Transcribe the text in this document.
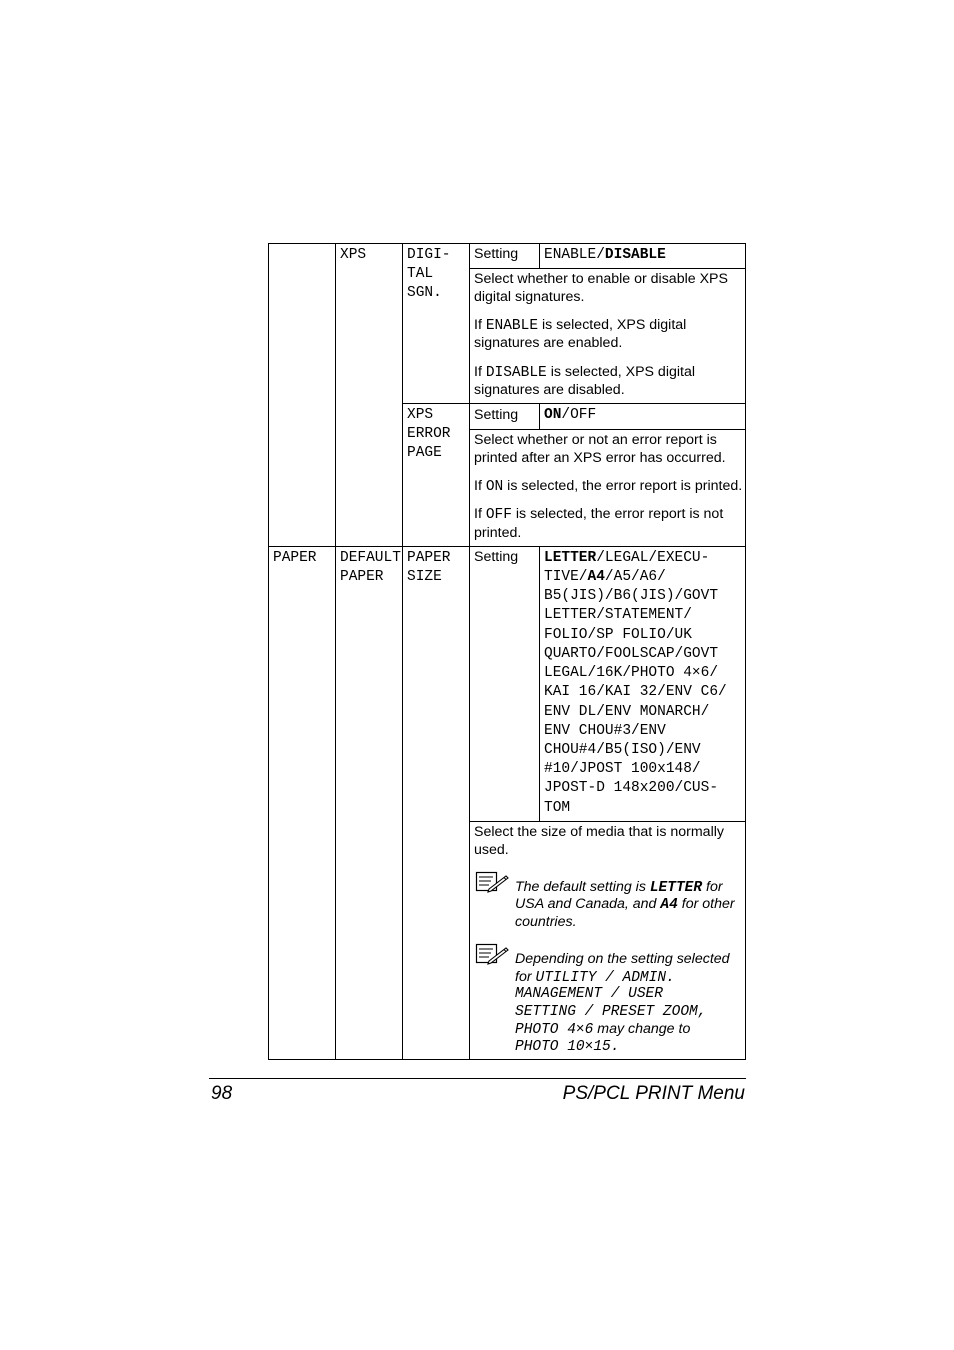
XPS	DIGI-
TAL
SGN.
Setting ENABLE/DISABLE
Select whether to enable or disable XPS
digital signatures.
If ENABLE is selected, XPS digital
signatures are enabled.
If DISABLE is selected, XPS digital
signatures are disabled.
XPS
ERROR
PAGE
Setting ON/OFF
Select whether or not an error report is
printed after an XPS error has occurred.
If ON is selected, the error report is printed.
If OFF is selected, the error report is not
printed.
PAPER DEFAULT
PAPER
PAPER
SIZE
Setting LETTER/LEGAL/EXECU-
TIVE/A4/A5/A6/
B5(JIS)/B6(JIS)/GOVT
LETTER/STATEMENT/
FOLIO/SP FOLIO/UK
QUARTO/FOOLSCAP/GOVT
LEGAL/16K/PHOTO 4×6/
KAI 16/KAI 32/ENV C6/
ENV DL/ENV MONARCH/
ENV CHOU#3/ENV
CHOU#4/B5(ISO)/ENV
#10/JPOST 100x148/
JPOST-D 148x200/CUS-
TOM
Select the size of media that is normally
used.
The default setting is LETTER for
USA and Canada, and A4 for other
countries.
Depending on the setting selected
for UTILITY / ADMIN.
MANAGEMENT / USER
SETTING / PRESET ZOOM,
PHOTO 4×6 may change to
PHOTO 10×15.
98	PS/PCL PRINT Menu
